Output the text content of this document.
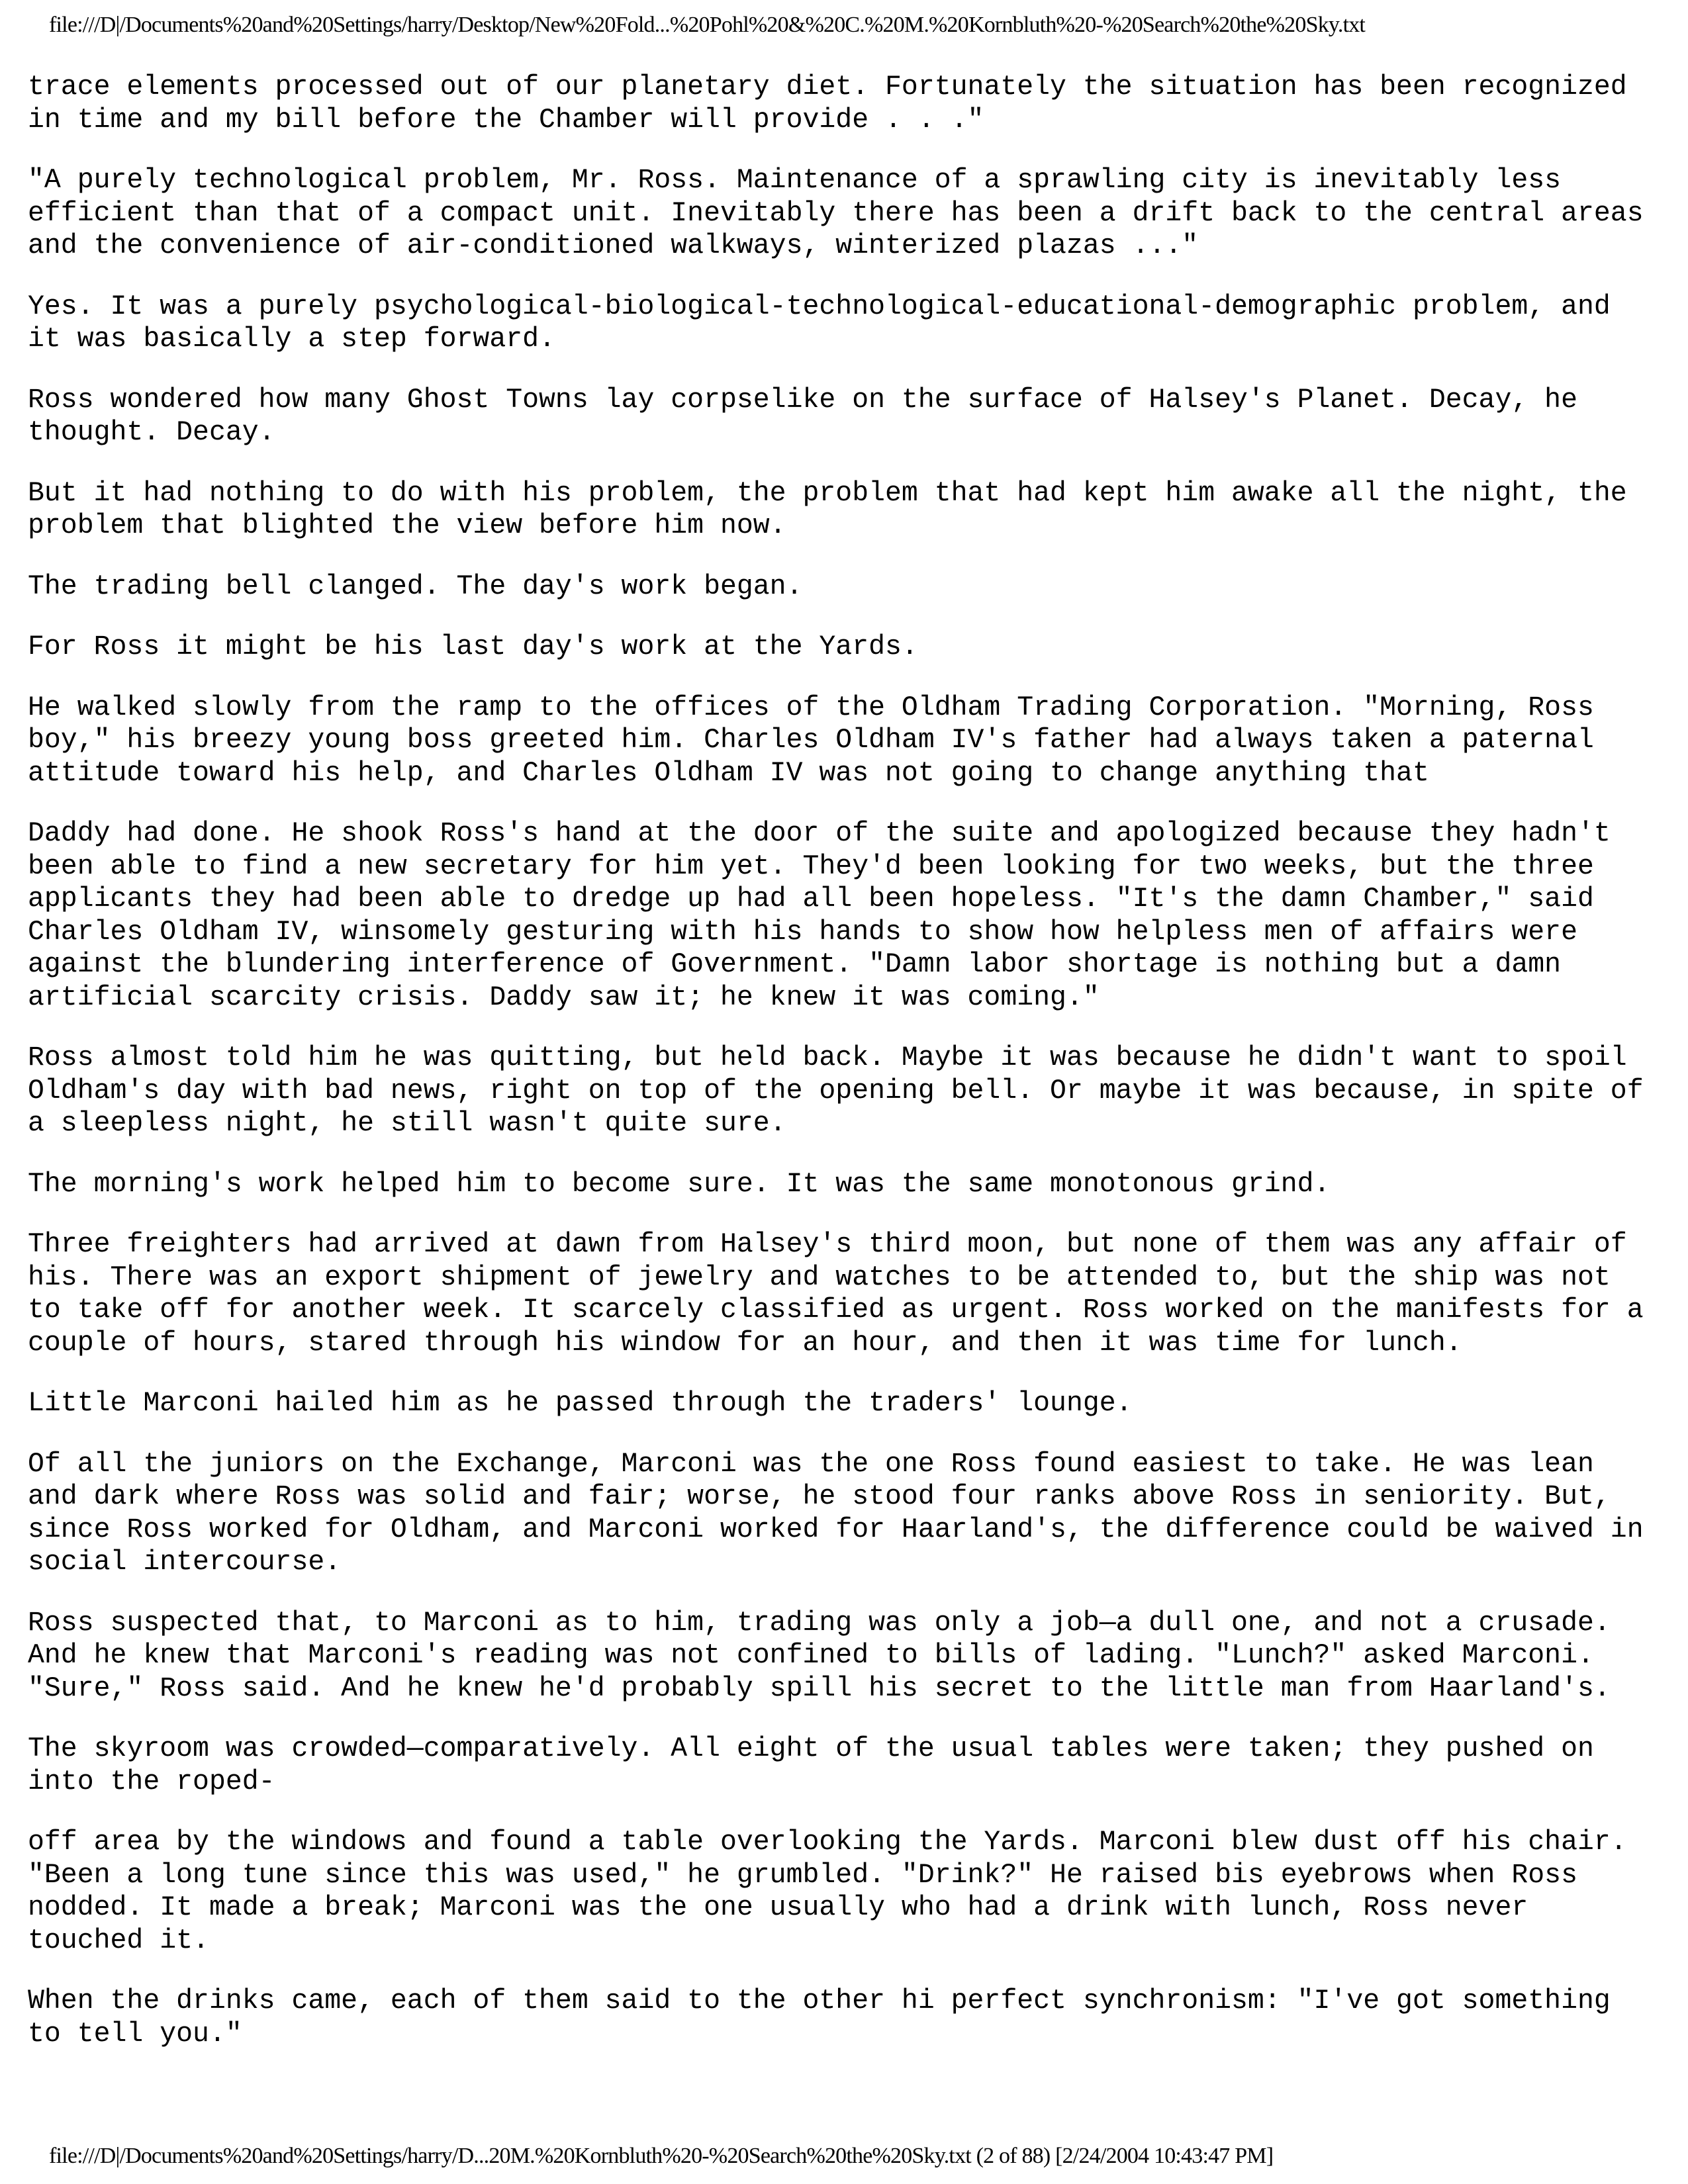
file:///D|/Documents%20and%20Settings/harry/Desktop/New%20Fold...%20Pohl%20&%20C.%20M.%20Kornbluth%20-%20Search%20the%20Sky.txt

trace elements processed out of our planetary diet. Fortunately the situation has been recognized
in time and my bill before the Chamber will provide . . ."

"A purely technological problem, Mr. Ross. Maintenance of a sprawling city is inevitably less
efficient than that of a compact unit. Inevitably there has been a drift back to the central areas
and the convenience of air-conditioned walkways, winterized plazas ..."

Yes. It was a purely psychological-biological-technological-educational-demographic problem, and
it was basically a step forward.

Ross wondered how many Ghost Towns lay corpselike on the surface of Halsey's Planet. Decay, he
thought. Decay.

But it had nothing to do with his problem, the problem that had kept him awake all the night, the
problem that blighted the view before him now.

The trading bell clanged. The day's work began.

For Ross it might be his last day's work at the Yards.

He walked slowly from the ramp to the offices of the Oldham Trading Corporation. "Morning, Ross
boy," his breezy young boss greeted him. Charles Oldham IV's father had always taken a paternal
attitude toward his help, and Charles Oldham IV was not going to change anything that

Daddy had done. He shook Ross's hand at the door of the suite and apologized because they hadn't
been able to find a new secretary for him yet. They'd been looking for two weeks, but the three
applicants they had been able to dredge up had all been hopeless. "It's the damn Chamber," said
Charles Oldham IV, winsomely gesturing with his hands to show how helpless men of affairs were
against the blundering interference of Government. "Damn labor shortage is nothing but a damn
artificial scarcity crisis. Daddy saw it; he knew it was coming."

Ross almost told him he was quitting, but held back. Maybe it was because he didn't want to spoil
Oldham's day with bad news, right on top of the opening bell. Or maybe it was because, in spite of
a sleepless night, he still wasn't quite sure.

The morning's work helped him to become sure. It was the same monotonous grind.

Three freighters had arrived at dawn from Halsey's third moon, but none of them was any affair of
his. There was an export shipment of jewelry and watches to be attended to, but the ship was not
to take off for another week. It scarcely classified as urgent. Ross worked on the manifests for a
couple of hours, stared through his window for an hour, and then it was time for lunch.

Little Marconi hailed him as he passed through the traders' lounge.

Of all the juniors on the Exchange, Marconi was the one Ross found easiest to take. He was lean
and dark where Ross was solid and fair; worse, he stood four ranks above Ross in seniority. But,
since Ross worked for Oldham, and Marconi worked for Haarland's, the difference could be waived in
social intercourse.

Ross suspected that, to Marconi as to him, trading was only a job—a dull one, and not a crusade.
And he knew that Marconi's reading was not confined to bills of lading. "Lunch?" asked Marconi.
"Sure," Ross said. And he knew he'd probably spill his secret to the little man from Haarland's.

The skyroom was crowded—comparatively. All eight of the usual tables were taken; they pushed on
into the roped-

off area by the windows and found a table overlooking the Yards. Marconi blew dust off his chair.
"Been a long tune since this was used," he grumbled. "Drink?" He raised bis eyebrows when Ross
nodded. It made a break; Marconi was the one usually who had a drink with lunch, Ross never
touched it.

When the drinks came, each of them said to the other hi perfect synchronism: "I've got something
to tell you."

file:///D|/Documents%20and%20Settings/harry/D...20M.%20Kornbluth%20-%20Search%20the%20Sky.txt (2 of 88) [2/24/2004 10:43:47 PM]
